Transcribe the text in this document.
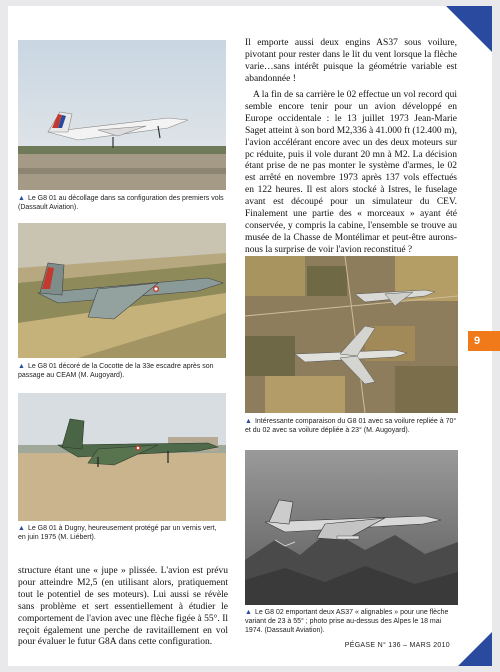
9
▲ Le G8 01 au décollage dans sa configuration des premiers vols (Dassault Aviation).
▲ Le G8 01 décoré de la Cocotte de la 33e escadre après son passage au CEAM (M. Augoyard).
▲ Le G8 01 à Dugny, heureusement protégé par un vernis vert, en juin 1975 (M. Liébert).

structure étant une « jupe » plissée. L'avion est prévu pour atteindre M2,5 (en utilisant alors, pratiquement tout le potentiel de ses moteurs). Lui aussi se révèle sans problème et sert essentiellement à étudier le comportement de l'avion avec une flèche figée à 55°. Il reçoit également une perche de ravitaillement en vol pour évaluer le futur G8A dans cette configuration.

Il emporte aussi deux engins AS37 sous voilure, pivotant pour rester dans le lit du vent lorsque la flèche varie…sans intérêt puisque la géométrie variable est abandonnée !

A la fin de sa carrière le 02 effectue un vol record qui semble encore tenir pour un avion développé en Europe occidentale : le 13 juillet 1973 Jean-Marie Saget atteint à son bord M2,336 à 41.000 ft (12.400 m), l'avion accélérant encore avec un des deux moteurs sur pc réduite, puis il vole durant 20 mn à M2. La décision étant prise de ne pas monter le système d'armes, le 02 est arrêté en novembre 1973 après 137 vols effectués en 122 heures. Il est alors stocké à Istres, le fuselage avant est découpé pour un simulateur du CEV. Finalement une partie des « morceaux » ayant été conservée, y compris la cabine, l'ensemble se trouve au musée de la Chasse de Montélimar et peut-être aurons-nous la surprise de voir l'avion reconstitué ?

▲ Intéressante comparaison du G8 01 avec sa voilure repliée à 70° et du 02 avec sa voilure dépliée à 23° (M. Augoyard).
▲ Le G8 02 emportant deux AS37 « alignables » pour une flèche variant de 23 à 55° ; photo prise au-dessus des Alpes le 18 mai 1974. (Dassault Aviation).
PÉGASE N° 136 – MARS 2010
